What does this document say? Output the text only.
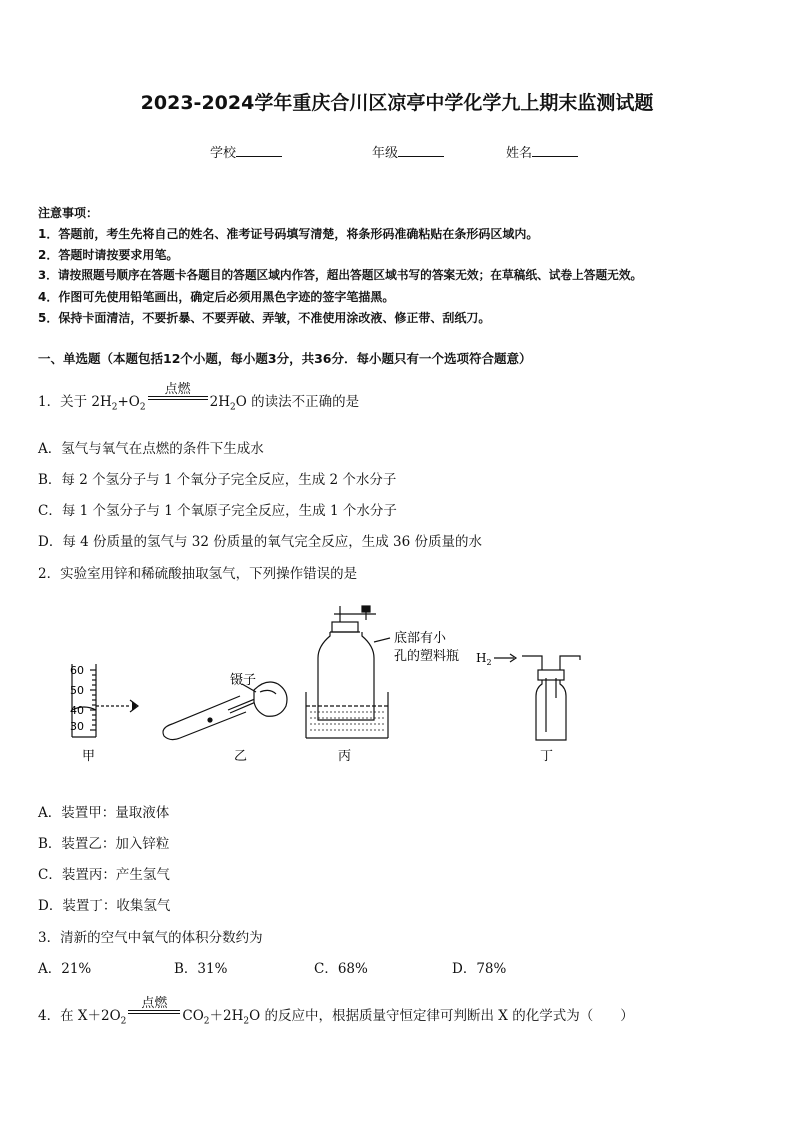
2023-2024学年重庆合川区凉亭中学化学九上期末监测试题
学校	年级	姓名
注意事项：
1．答题前，考生先将自己的姓名、准考证号码填写清楚，将条形码准确粘贴在条形码区域内。
2．答题时请按要求用笔。
3．请按照题号顺序在答题卡各题目的答题区域内作答，超出答题区域书写的答案无效；在草稿纸、试卷上答题无效。
4．作图可先使用铅笔画出，确定后必须用黑色字迹的签字笔描黑。
5．保持卡面清洁，不要折暴、不要弄破、弄皱，不准使用涂改液、修正带、刮纸刀。
一、单选题（本题包括12个小题，每小题3分，共36分．每小题只有一个选项符合题意）
1．关于 $2H_2+O_2$
点燃
$2H_2O$ 的读法不正确的是
A．氢气与氧气在点燃的条件下生成水
B．每 2 个氢分子与 1 个氧分子完全反应，生成 2 个水分子
C．每 1 个氢分子与 1 个氧原子完全反应，生成 1 个水分子
D．每 4 份质量的氢气与 32 份质量的氧气完全反应，生成 36 份质量的水
2．实验室用锌和稀硫酸抽取氢气，下列操作错误的是
60
50
40
30
镊子
底部有小
孔的塑料瓶 $H_2$
甲	乙	丙	丁
A．装置甲：量取液体
B．装置乙：加入锌粒
C．装置丙：产生氢气
D．装置丁：收集氢气
3．清新的空气中氧气的体积分数约为
A．21%	B．31%	C．68%	D．78%
4．在 $X+2O_2$
点燃
$CO_2+2H_2O$ 的反应中，根据质量守恒定律可判断出 X 的化学式为（　　）
